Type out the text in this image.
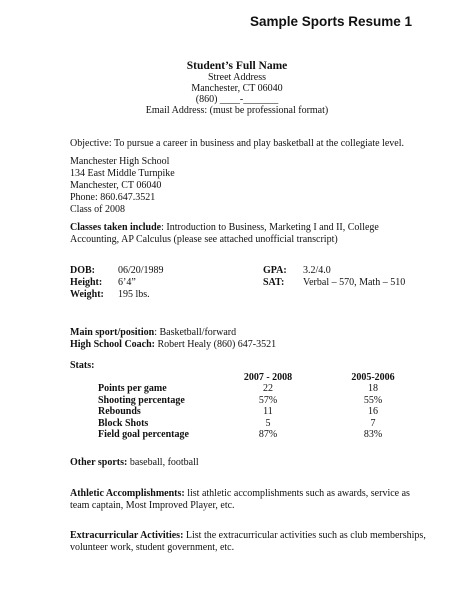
Sample Sports Resume 1
Student’s Full Name
Street Address
Manchester, CT 06040
(860) ____-_______
Email Address: (must be professional format)
Objective: To pursue a career in business and play basketball at the collegiate level.
Manchester High School
134 East Middle Turnpike
Manchester, CT 06040
Phone: 860.647.3521
Class of 2008
Classes taken include: Introduction to Business, Marketing I and II, College
Accounting, AP Calculus (please see attached unofficial transcript)
DOB: 06/20/1989
Height: 6’4”
Weight: 195 lbs.
GPA: 3.2/4.0
SAT: Verbal – 570, Math – 510
Main sport/position: Basketball/forward
High School Coach: Robert Healy (860) 647-3521
Stats:
	2007 - 2008	2005-2006
Points per game	22	18
Shooting percentage	57%	55%
Rebounds	11	16
Block Shots	5	7
Field goal percentage	87%	83%
Other sports: baseball, football
Athletic Accomplishments: list athletic accomplishments such as awards, service as
team captain, Most Improved Player, etc.
Extracurricular Activities: List the extracurricular activities such as club memberships,
volunteer work, student government, etc.
